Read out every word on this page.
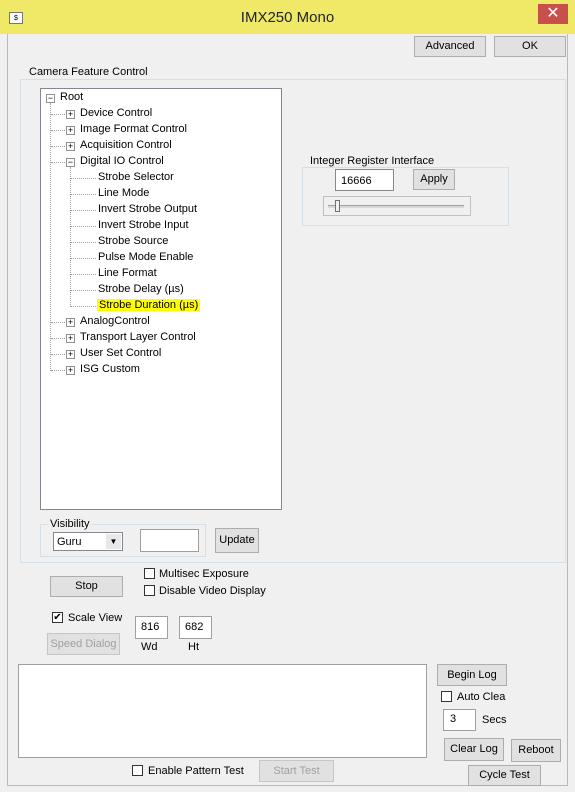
$	IMX250 Mono	✕
Advanced	OK
Camera Feature Control
− Root
+ Device Control
+ Image Format Control
+ Acquisition Control
− Digital IO Control
Strobe Selector
Line Mode
Invert Strobe Output
Invert Strobe Input
Strobe Source
Pulse Mode Enable
Line Format
Strobe Delay (µs)
Strobe Duration (µs)
+ AnalogControl
+ Transport Layer Control
+ User Set Control
+ ISG Custom
Integer Register Interface
16666	Apply
Visibility
Guru	▼	Update
Stop
Multisec Exposure
Disable Video Display
✔ Scale View
Speed Dialog
816	682
Wd	Ht
Begin Log
Auto Clea
3	Secs
Clear Log	Reboot
Cycle Test
Enable Pattern Test	Start Test
